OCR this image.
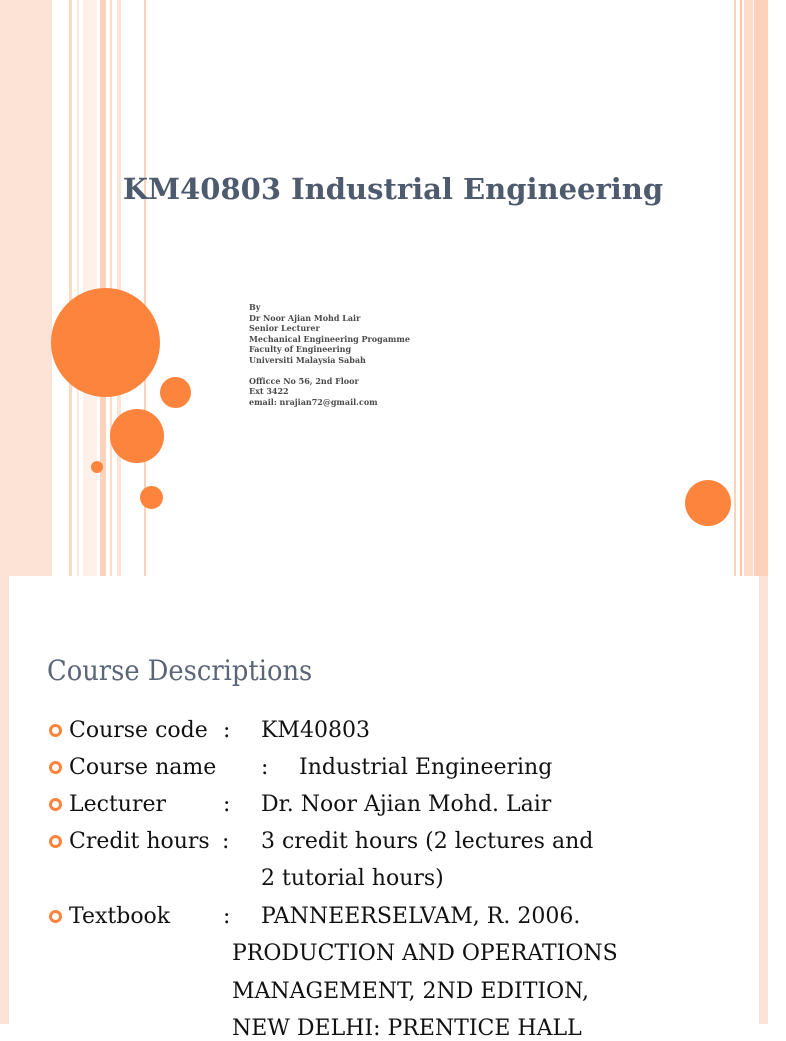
KM40803 Industrial Engineering
By
Dr Noor Ajian Mohd Lair
Senior Lecturer
Mechanical Engineering Progamme
Faculty of Engineering
Universiti Malaysia Sabah
Officce No 56, 2nd Floor
Ext 3422
email: nrajian72@gmail.com
Course Descriptions
Course code : KM40803
Course name : Industrial Engineering
Lecturer	: Dr. Noor Ajian Mohd. Lair
Credit hours : 3 credit hours (2 lectures and
2 tutorial hours)
Textbook : PANNEERSELVAM, R. 2006.
PRODUCTION AND OPERATIONS
MANAGEMENT, 2ND EDITION,
NEW DELHI: PRENTICE HALL
